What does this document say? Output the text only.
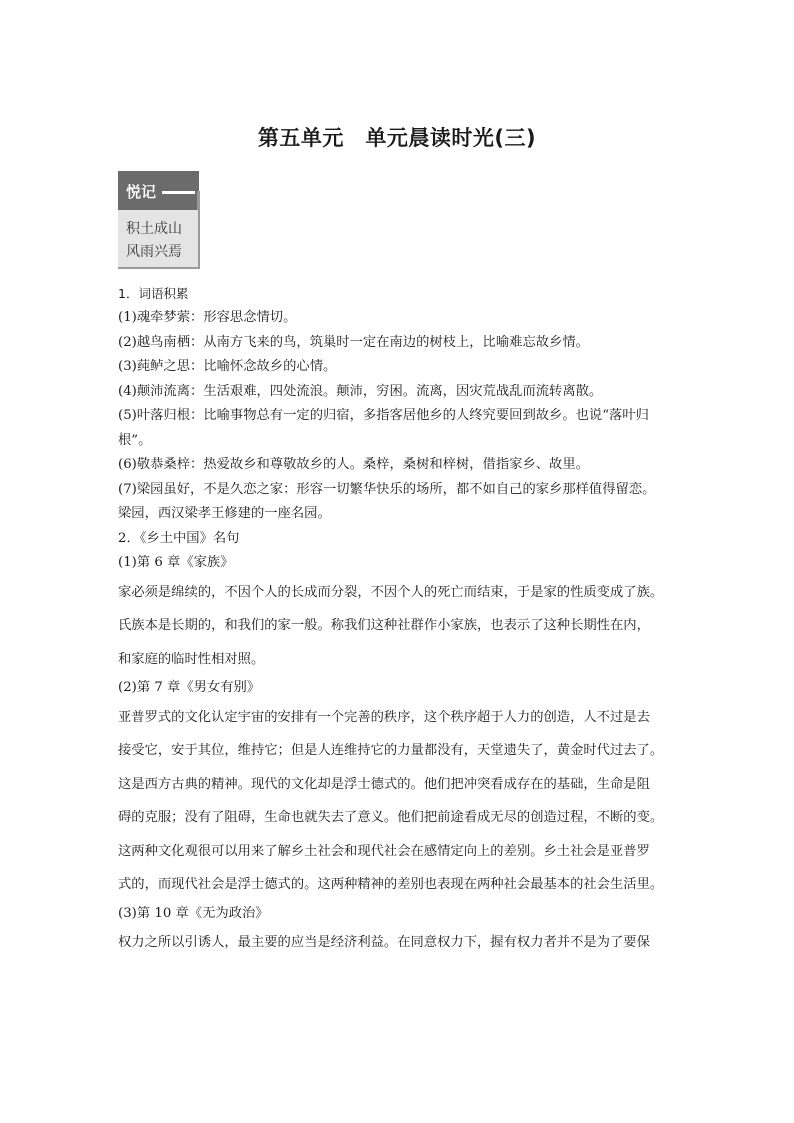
第五单元　单元晨读时光(三)
悦记
积土成山
风雨兴焉
1．词语积累
(1)魂牵梦萦：形容思念情切。
(2)越鸟南栖：从南方飞来的鸟，筑巢时一定在南边的树枝上，比喻难忘故乡情。
(3)莼鲈之思：比喻怀念故乡的心情。
(4)颠沛流离：生活艰难，四处流浪。颠沛，穷困。流离，因灾荒战乱而流转离散。
(5)叶落归根：比喻事物总有一定的归宿，多指客居他乡的人终究要回到故乡。也说“落叶归
根”。
(6)敬恭桑梓：热爱故乡和尊敬故乡的人。桑梓，桑树和梓树，借指家乡、故里。
(7)梁园虽好，不是久恋之家：形容一切繁华快乐的场所，都不如自己的家乡那样值得留恋。
梁园，西汉梁孝王修建的一座名园。
2．《乡土中国》名句
(1)第 6 章《家族》
家必须是绵续的，不因个人的长成而分裂，不因个人的死亡而结束，于是家的性质变成了族。
氏族本是长期的，和我们的家一般。称我们这种社群作小家族，也表示了这种长期性在内，
和家庭的临时性相对照。
(2)第 7 章《男女有别》
亚普罗式的文化认定宇宙的安排有一个完善的秩序，这个秩序超于人力的创造，人不过是去
接受它，安于其位，维持它；但是人连维持它的力量都没有，天堂遗失了，黄金时代过去了。
这是西方古典的精神。现代的文化却是浮士德式的。他们把冲突看成存在的基础，生命是阻
碍的克服；没有了阻碍，生命也就失去了意义。他们把前途看成无尽的创造过程，不断的变。
这两种文化观很可以用来了解乡土社会和现代社会在感情定向上的差别。乡土社会是亚普罗
式的，而现代社会是浮士德式的。这两种精神的差别也表现在两种社会最基本的社会生活里。
(3)第 10 章《无为政治》
权力之所以引诱人，最主要的应当是经济利益。在同意权力下，握有权力者并不是为了要保
